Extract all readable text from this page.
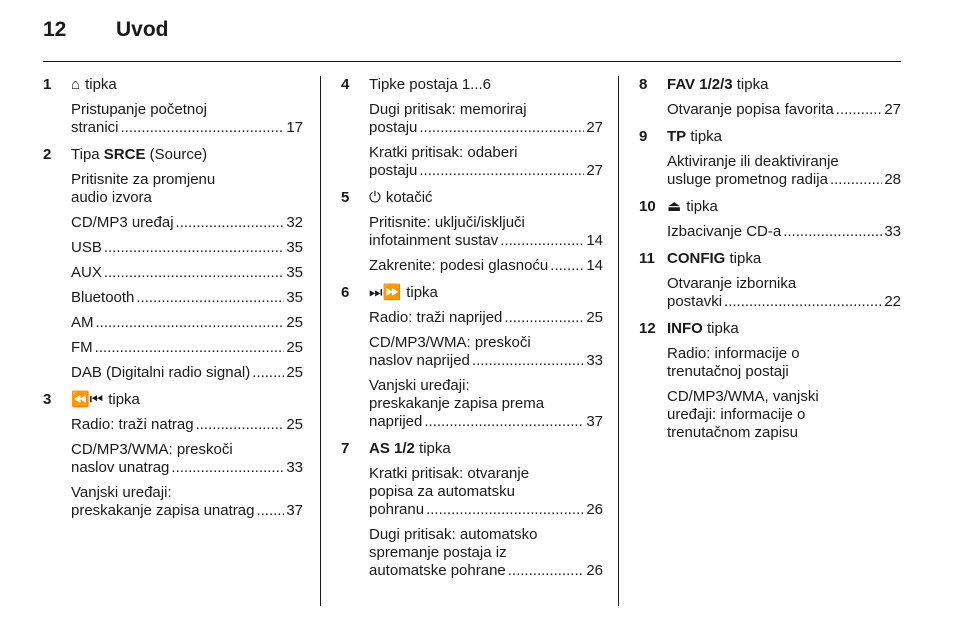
12 Uvod
1 ⌂ tipka
Pristupanje početnoj
stranici .....	17
2 Tipa SRCE (Source)
Pritisnite za promjenu
audio izvora
CD/MP3 uređaj .....	32
USB .....	35
AUX .....	35
Bluetooth .....	35
AM .....	25
FM .....	25
DAB (Digitalni radio signal) ..... 25
3 ⏪⏮ tipka
Radio: traži natrag .....	25
CD/MP3/WMA: preskoči
naslov unatrag .....	33
Vanjski uređaji:
preskakanje zapisa unatrag ..... 37
4 Tipke postaja 1...6
Dugi pritisak: memoriraj
postaju .....	27
Kratki pritisak: odaberi
postaju .....	27
5 ⏻ kotačić
Pritisnite: uključi/isključi
infotainment sustav .....	14
Zakrenite: podesi glasnoću .....	14
6 ⏭⏩ tipka
Radio: traži naprijed .....	25
CD/MP3/WMA: preskoči
naslov naprijed .....	33
Vanjski uređaji:
preskakanje zapisa prema
naprijed .....	37
7 AS 1/2 tipka
Kratki pritisak: otvaranje
popisa za automatsku
pohranu .....	26
Dugi pritisak: automatsko
spremanje postaja iz
automatske pohrane .....	26
8 FAV 1/2/3 tipka
Otvaranje popisa favorita .....	27
9 TP tipka
Aktiviranje ili deaktiviranje
usluge prometnog radija .....	28
10 ⏏ tipka
Izbacivanje CD-a .....	33
11 CONFIG tipka
Otvaranje izbornika
postavki .....	22
12 INFO tipka
Radio: informacije o
trenutačnoj postaji
CD/MP3/WMA, vanjski
uređaji: informacije o
trenutačnom zapisu
